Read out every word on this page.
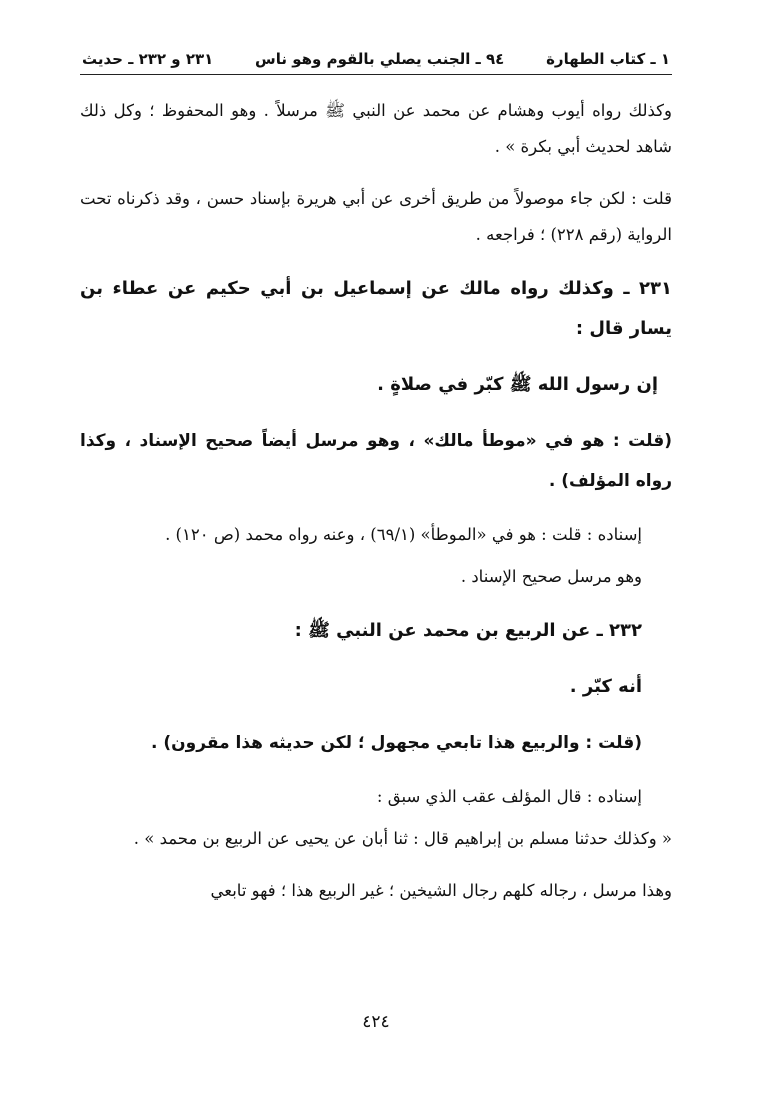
١ ـ كتاب الطهارة
٩٤ ـ الجنب يصلي بالقوم وهو ناس
٢٣١ و ٢٣٢ ـ حديث

وكذلك رواه أيوب وهشام عن محمد عن النبي ﷺ مرسلاً . وهو المحفوظ ؛ وكل ذلك شاهد لحديث أبي بكرة » .

قلت : لكن جاء موصولاً من طريق أخرى عن أبي هريرة بإسناد حسن ، وقد ذكرناه تحت الرواية (رقم ٢٢٨) ؛ فراجعه .

٢٣١ ـ وكذلك رواه مالك عن إسماعيل بن أبي حكيم عن عطاء بن يسار قال :

إن رسول الله ﷺ كبّر في صلاةٍ .

(قلت : هو في «موطأ مالك» ، وهو مرسل أيضاً صحيح الإسناد ، وكذا رواه المؤلف) .

إسناده : قلت : هو في «الموطأ» (٦٩/١) ، وعنه رواه محمد (ص ١٢٠) .

وهو مرسل صحيح الإسناد .

٢٣٢ ـ عن الربيع بن محمد عن النبي ﷺ :

أنه كبّر .

(قلت : والربيع هذا تابعي مجهول ؛ لكن حديثه هذا مقرون) .

إسناده : قال المؤلف عقب الذي سبق :

« وكذلك حدثنا مسلم بن إبراهيم قال : ثنا أبان عن يحيى عن الربيع بن محمد » .

وهذا مرسل ، رجاله كلهم رجال الشيخين ؛ غير الربيع هذا ؛ فهو تابعي

٤٢٤
